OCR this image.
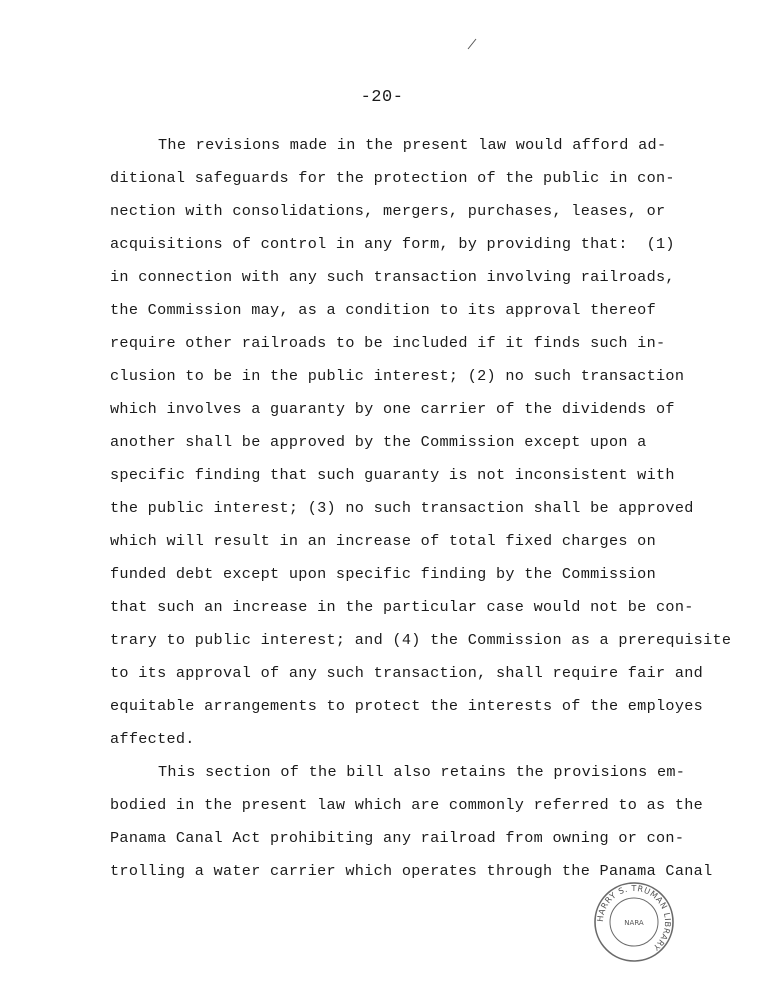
-20-
The revisions made in the present law would afford ad-
ditional safeguards for the protection of the public in con-
nection with consolidations, mergers, purchases, leases, or
acquisitions of control in any form, by providing that:  (1)
in connection with any such transaction involving railroads,
the Commission may, as a condition to its approval thereof
require other railroads to be included if it finds such in-
clusion to be in the public interest; (2) no such transaction
which involves a guaranty by one carrier of the dividends of
another shall be approved by the Commission except upon a
specific finding that such guaranty is not inconsistent with
the public interest; (3) no such transaction shall be approved
which will result in an increase of total fixed charges on
funded debt except upon specific finding by the Commission
that such an increase in the particular case would not be con-
trary to public interest; and (4) the Commission as a prerequisite
to its approval of any such transaction, shall require fair and
equitable arrangements to protect the interests of the employes
affected.
This section of the bill also retains the provisions em-
bodied in the present law which are commonly referred to as the
Panama Canal Act prohibiting any railroad from owning or con-
trolling a water carrier which operates through the Panama Canal
HARRY S. TRUMAN LIBRARY
NARA
